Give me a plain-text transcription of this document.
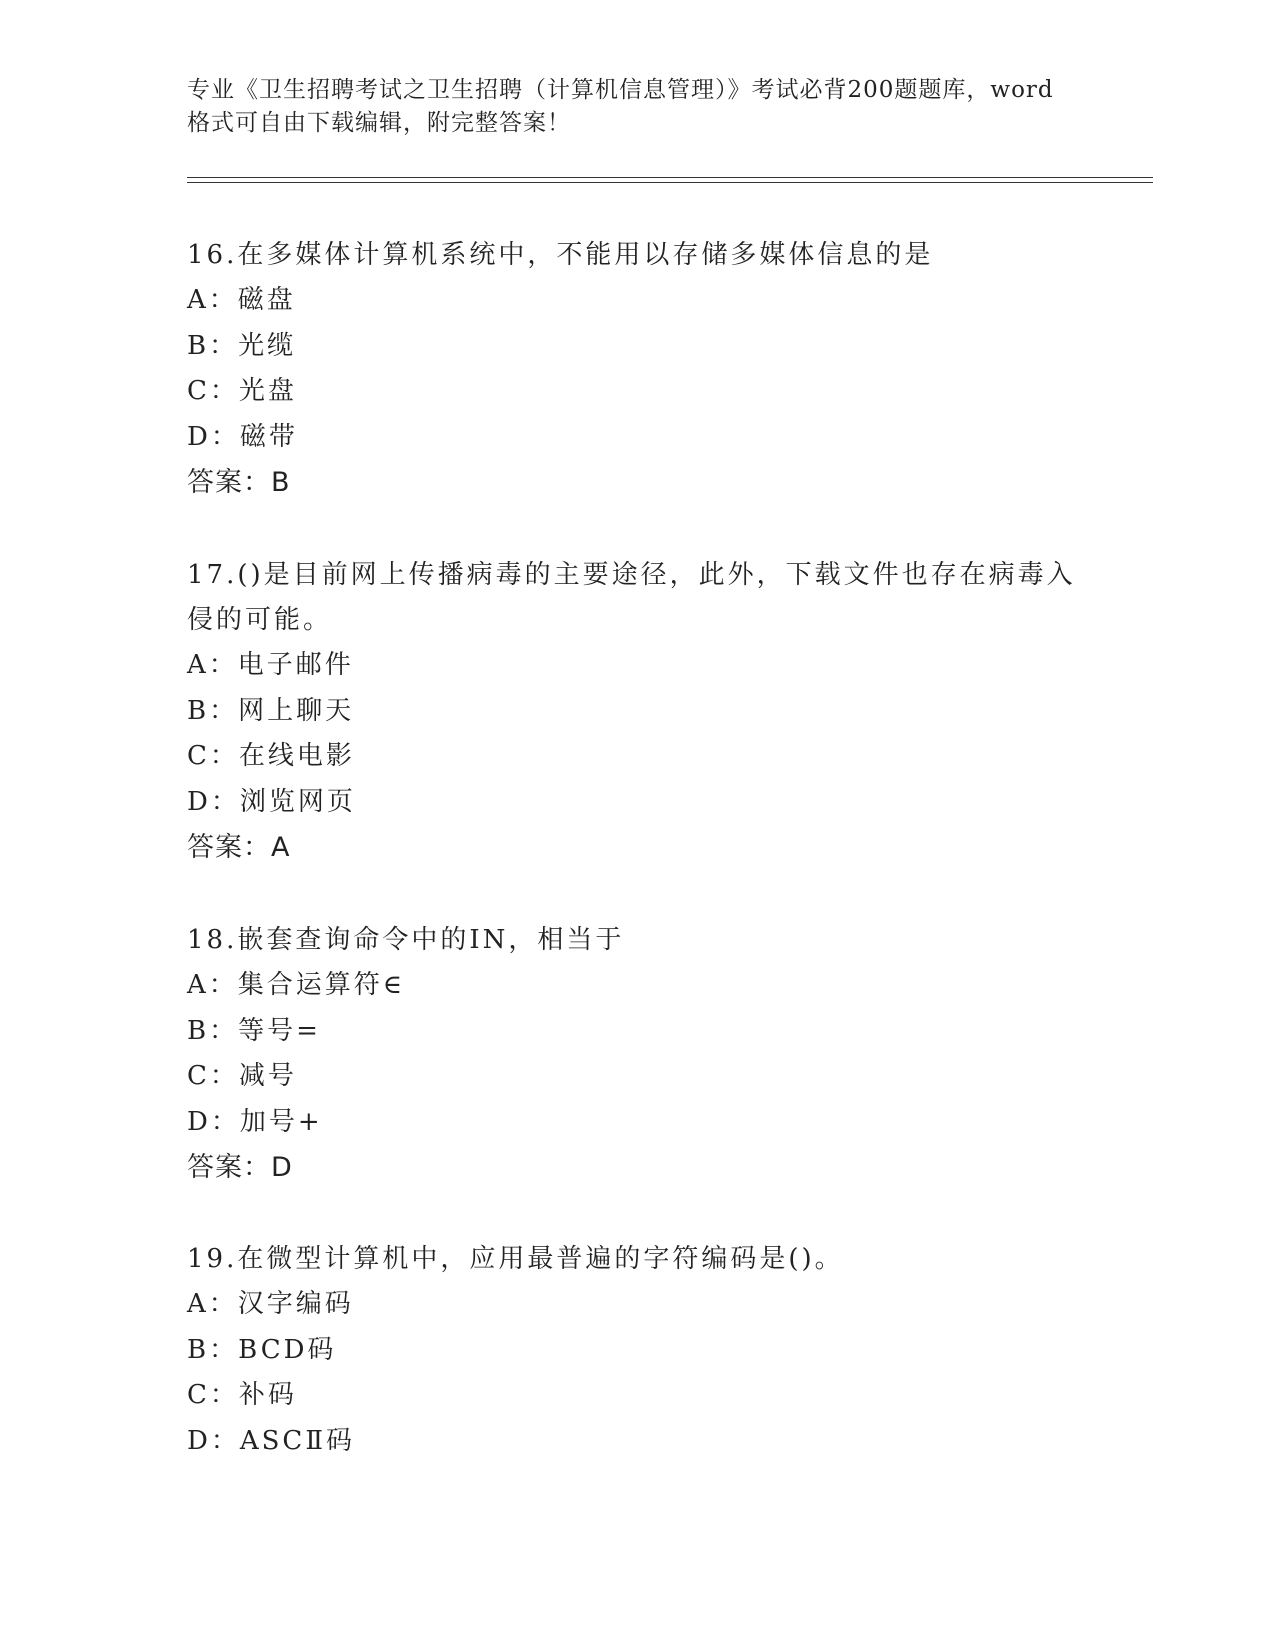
专业《卫生招聘考试之卫生招聘（计算机信息管理）》考试必背200题题库，word
格式可自由下载编辑，附完整答案！

16.在多媒体计算机系统中，不能用以存储多媒体信息的是

A：磁盘

B：光缆

C：光盘

D：磁带

答案：B

17.()是目前网上传播病毒的主要途径，此外，下载文件也存在病毒入

侵的可能。

A：电子邮件

B：网上聊天

C：在线电影

D：浏览网页

答案：A

18.嵌套查询命令中的IN，相当于

A：集合运算符∈

B：等号=

C：减号

D：加号+

答案：D

19.在微型计算机中，应用最普遍的字符编码是()。

A：汉字编码

B：BCD码

C：补码

D：ASCⅡ码
